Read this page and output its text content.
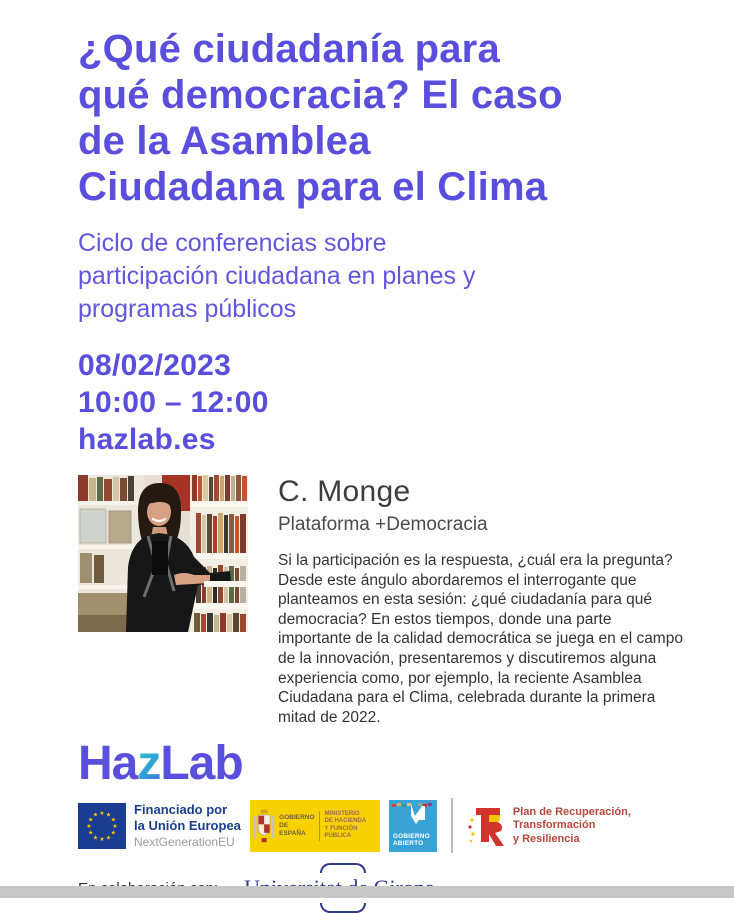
¿Qué ciudadanía para
qué democracia? El caso
de la Asamblea
Ciudadana para el Clima
Ciclo de conferencias sobre
participación ciudadana en planes y
programas públicos
08/02/2023
10:00 – 12:00
hazlab.es
C. Monge
Plataforma +Democracia
Si la participación es la respuesta, ¿cuál era la pregunta? Desde este ángulo abordaremos el interrogante que planteamos en esta sesión: ¿qué ciudadanía para qué democracia? En estos tiempos, donde una parte importante de la calidad democrática se juega en el campo de la innovación, presentaremos y discutiremos alguna experiencia como, por ejemplo, la reciente Asamblea Ciudadana para el Clima, celebrada durante la primera mitad de 2022.
HazLab
★ ★
★
★
★
★
★
★
★
★
★
★	Financiado por
la Unión Europea
NextGenerationEU
GOBIERNO
DE ESPAÑA
MINISTERIO
DE HACIENDA
Y FUNCIÓN PÚBLICA	GOBIERNO
ABIERTO
Plan de Recuperación,
Transformación
y Resiliencia
